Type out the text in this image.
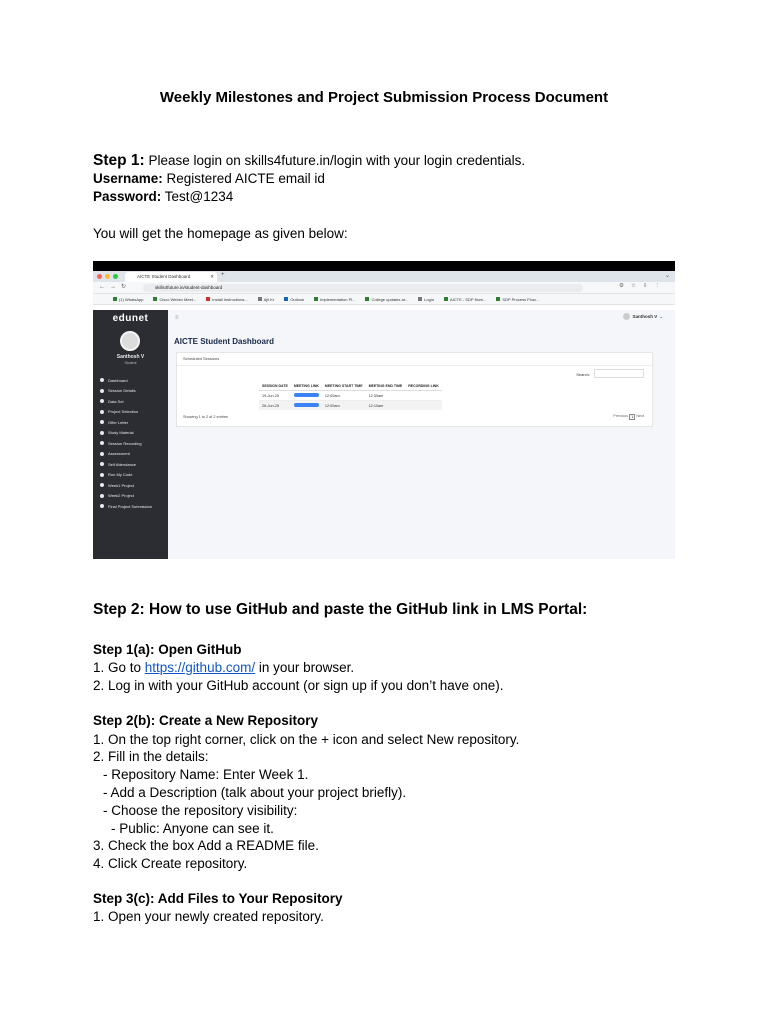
Weekly Milestones and Project Submission Process Document
Step 1: Please login on skills4future.in/login with your login credentials.
Username: Registered AICTE email id
Password: Test@1234
You will get the homepage as given below:
AICTE Student Dashboard	✕ +	⌄
←→↻	skills4future.in/student-dashboard	⚙☆⇩⋮
(1) WhatsApp	Cisco Webex Meet...	Install Instructions...	Ajit Kr	Outlook	Implementation Pl...	College updates at...	Login	AICTE - SDP Nom...	SDP Process Flow...
edunet
Santhosh V
Student
Dashboard
Session Details
Data Set
Project Selection
Offer Letter
Study Material
Session Recording
Assessment
Self Attendance
Run My Code
Week1 Project
Week2 Project
Final Project Submission
≡	Santhosh V ⌄
AICTE Student Dashboard
Scheduled Sessions
Search:
SESSION DATE	MEETING LINK	MEETING START TIME	MEETING END TIME	RECORDING LINK
19-Jun-25		12:00am	12:30am	
26-Jun-25		12:00am	12:10am	
Showing 1 to 2 of 2 entries	Previous 1 Next
Step 2: How to use GitHub and paste the GitHub link in LMS Portal:
Step 1(a): Open GitHub
1. Go to https://github.com/ in your browser.
2. Log in with your GitHub account (or sign up if you don’t have one).
Step 2(b): Create a New Repository
1. On the top right corner, click on the + icon and select New repository.
2. Fill in the details:
- Repository Name: Enter Week 1.
- Add a Description (talk about your project briefly).
- Choose the repository visibility:
- Public: Anyone can see it.
3. Check the box Add a README file.
4. Click Create repository.
Step 3(c): Add Files to Your Repository
1. Open your newly created repository.
